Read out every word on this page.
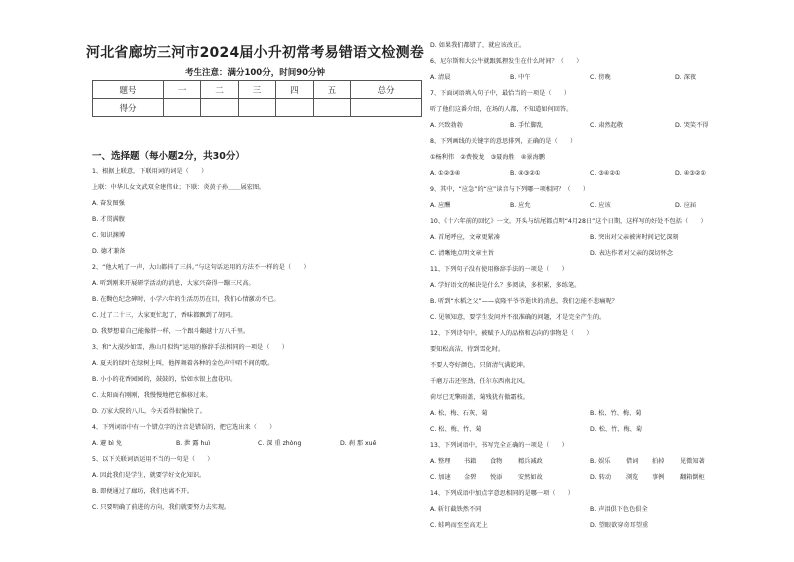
河北省廊坊三河市2024届小升初常考易错语文检测卷
考生注意：满分100分，时间90分钟
题号	一	二	三	四	五	总分
得分						
一、选择题（每小题2分，共30分）
1、根据上联意，下联用词的词是（　　）
上联：中华儿女文武双全建伟业；下联：炎黄子孙＿＿展宏图。
A. 奋发图强
B. 才贯满腹
C. 知识渊博
D. 德才兼备
2、“他大吼了一声，大山都抖了三抖。”与这句话运用的方法不一样的是（　　）
A. 听到刚来开展研学活动的消息，大家兴奋得一蹦三尺高。
B. 在黝色纪念碑时，小学六年的生活历历在目，我们心情激动不已。
C. 过了二十三，大家更忙起了，香味都飘到了胡同。
D. 我梦想着自己能像胖一样，一个跟斗翻越十万八千里。
3、和“大漠沙如雪，燕山月似钩”运用的修辞手法相同的一项是（　　）
A. 夏天的绿叶在绿树上叫，他挥舞着各种的金色声中唱不间的歌。
B. 小小的花香园园的，鼓鼓的，恰如水银上盘花印。
C. 太阳面有刚刚，我慢慢地把它推移过来。
D. 万家大院的八儿，今天看得很愉快了。
4、下列词语中有一个错点字的注音是错误的，把它选出来（　　）
A. 避 bì 免	B. 泄 露 huì	C. 深 重 zhòng	D. 刹 那 xuě
5、以下关联词语运用不当的一句是（　　）
A. 因此我们是学生，就要学好文化知识。
B. 即便通过了廊坊，我们也离不开。
C. 只要明确了前进的方向，我们就要努力去实现。
D. 如果我们都错了，就应该改正。
6、尼尔斯和大公牛就跟狐狸发生在什么时间？（　　）
A. 清晨	B. 中午	C. 傍晚	D. 深夜
7、下面词语填入句子中，最恰当的一项是（　　）
听了他们这番介绍，在场的人都，不知道如何回答。
A. 兴致勃勃	B. 手忙脚乱	C. 肃然起敬	D. 哭笑不得
8、下列画线的关键字的意思排列，正确的是（　　）
①杨利伟　②费俊龙　③聂海胜　④景海鹏
A. ①②③④	B. ④③②①	C. ③④②①	D. ④③②①
9、其中，“应急”的“应”读音与下列哪一项相同？（　　）
A. 应酬	B. 应允	C. 应该	D. 应届
10、《十六年前的回忆》一文，开头与结尾都点明“4月28日”这个日期，这样写的好处不包括（　　）
A. 首尾呼应，文章更紧凑	B. 突出对父亲被害时间记忆深刻
C. 清晰地点明文章主旨	D. 表达作者对父亲的深切怀念
11、下列句子没有使用修辞手法的一项是（　　）
A. 学好语文的秘诀是什么？多阅读，多积累，多练笔。
B. 听到“水稻之父”——袁隆平爷爷逝世的消息，我们怎能不悲痛呢？
C. 见领知意，要学生发问并不很准确的问题，才是完全产生的。
12、下列诗句中，被赋予人的品格和志向的事物是（　　）
要知松高洁，待到雪化时。
不要人夸好颜色，只留清气满乾坤。
千磨万击还坚劲，任尔东西南北风。
荷尽已无擎雨盖，菊残犹有傲霜枝。
A. 松、梅、石灰、菊	B. 松、竹、梅、菊
C. 松、梅、竹、菊	D. 松、竹、梅、菊
13、下列词语中，书写完全正确的一项是（　　）
A. 整理 书籍 食物	精兵减政	B. 娱乐 借词 拍掉	见微知著
C. 加速 金碧 悦添	安然如故	D. 转动 浏览 事例	翻箱倒柜
14、下列成语中加点字意思相同的是哪一项（　　）
A. 斩钉截铁然不同	B. 声泪俱下色色俱全
C. 蛙鸣而至至高无上	D. 望眼欲穿奇耳望重
